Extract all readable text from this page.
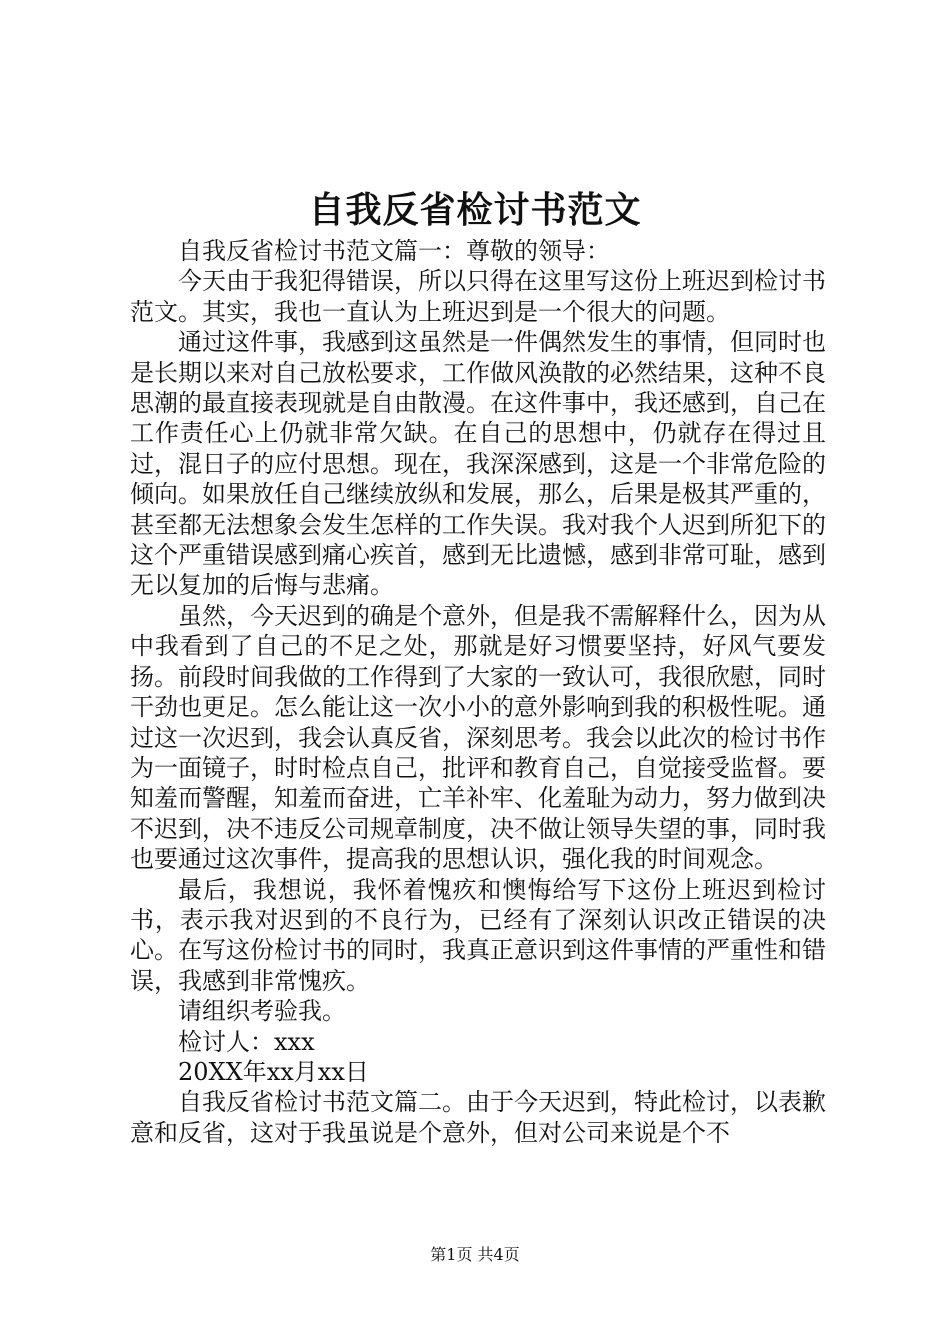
自我反省检讨书范文

自我反省检讨书范文篇一：尊敬的领导：

今天由于我犯得错误，所以只得在这里写这份上班迟到检讨书范文。其实，我也一直认为上班迟到是一个很大的问题。

通过这件事，我感到这虽然是一件偶然发生的事情，但同时也是长期以来对自己放松要求，工作做风涣散的必然结果，这种不良思潮的最直接表现就是自由散漫。在这件事中，我还感到，自己在工作责任心上仍就非常欠缺。在自己的思想中，仍就存在得过且过，混日子的应付思想。现在，我深深感到，这是一个非常危险的倾向。如果放任自己继续放纵和发展，那么，后果是极其严重的，甚至都无法想象会发生怎样的工作失误。我对我个人迟到所犯下的这个严重错误感到痛心疾首，感到无比遗憾，感到非常可耻，感到无以复加的后悔与悲痛。

虽然，今天迟到的确是个意外，但是我不需解释什么，因为从中我看到了自己的不足之处，那就是好习惯要坚持，好风气要发扬。前段时间我做的工作得到了大家的一致认可，我很欣慰，同时干劲也更足。怎么能让这一次小小的意外影响到我的积极性呢。通过这一次迟到，我会认真反省，深刻思考。我会以此次的检讨书作为一面镜子，时时检点自己，批评和教育自己，自觉接受监督。要知羞而警醒，知羞而奋进，亡羊补牢、化羞耻为动力，努力做到决不迟到，决不违反公司规章制度，决不做让领导失望的事，同时我也要通过这次事件，提高我的思想认识，强化我的时间观念。

最后，我想说，我怀着愧疚和懊悔给写下这份上班迟到检讨书，表示我对迟到的不良行为，已经有了深刻认识改正错误的决心。在写这份检讨书的同时，我真正意识到这件事情的严重性和错误，我感到非常愧疚。

请组织考验我。

检讨人：xxx

20XX年xx月xx日

自我反省检讨书范文篇二。由于今天迟到，特此检讨，以表歉意和反省，这对于我虽说是个意外，但对公司来说是个不

第1页 共4页
